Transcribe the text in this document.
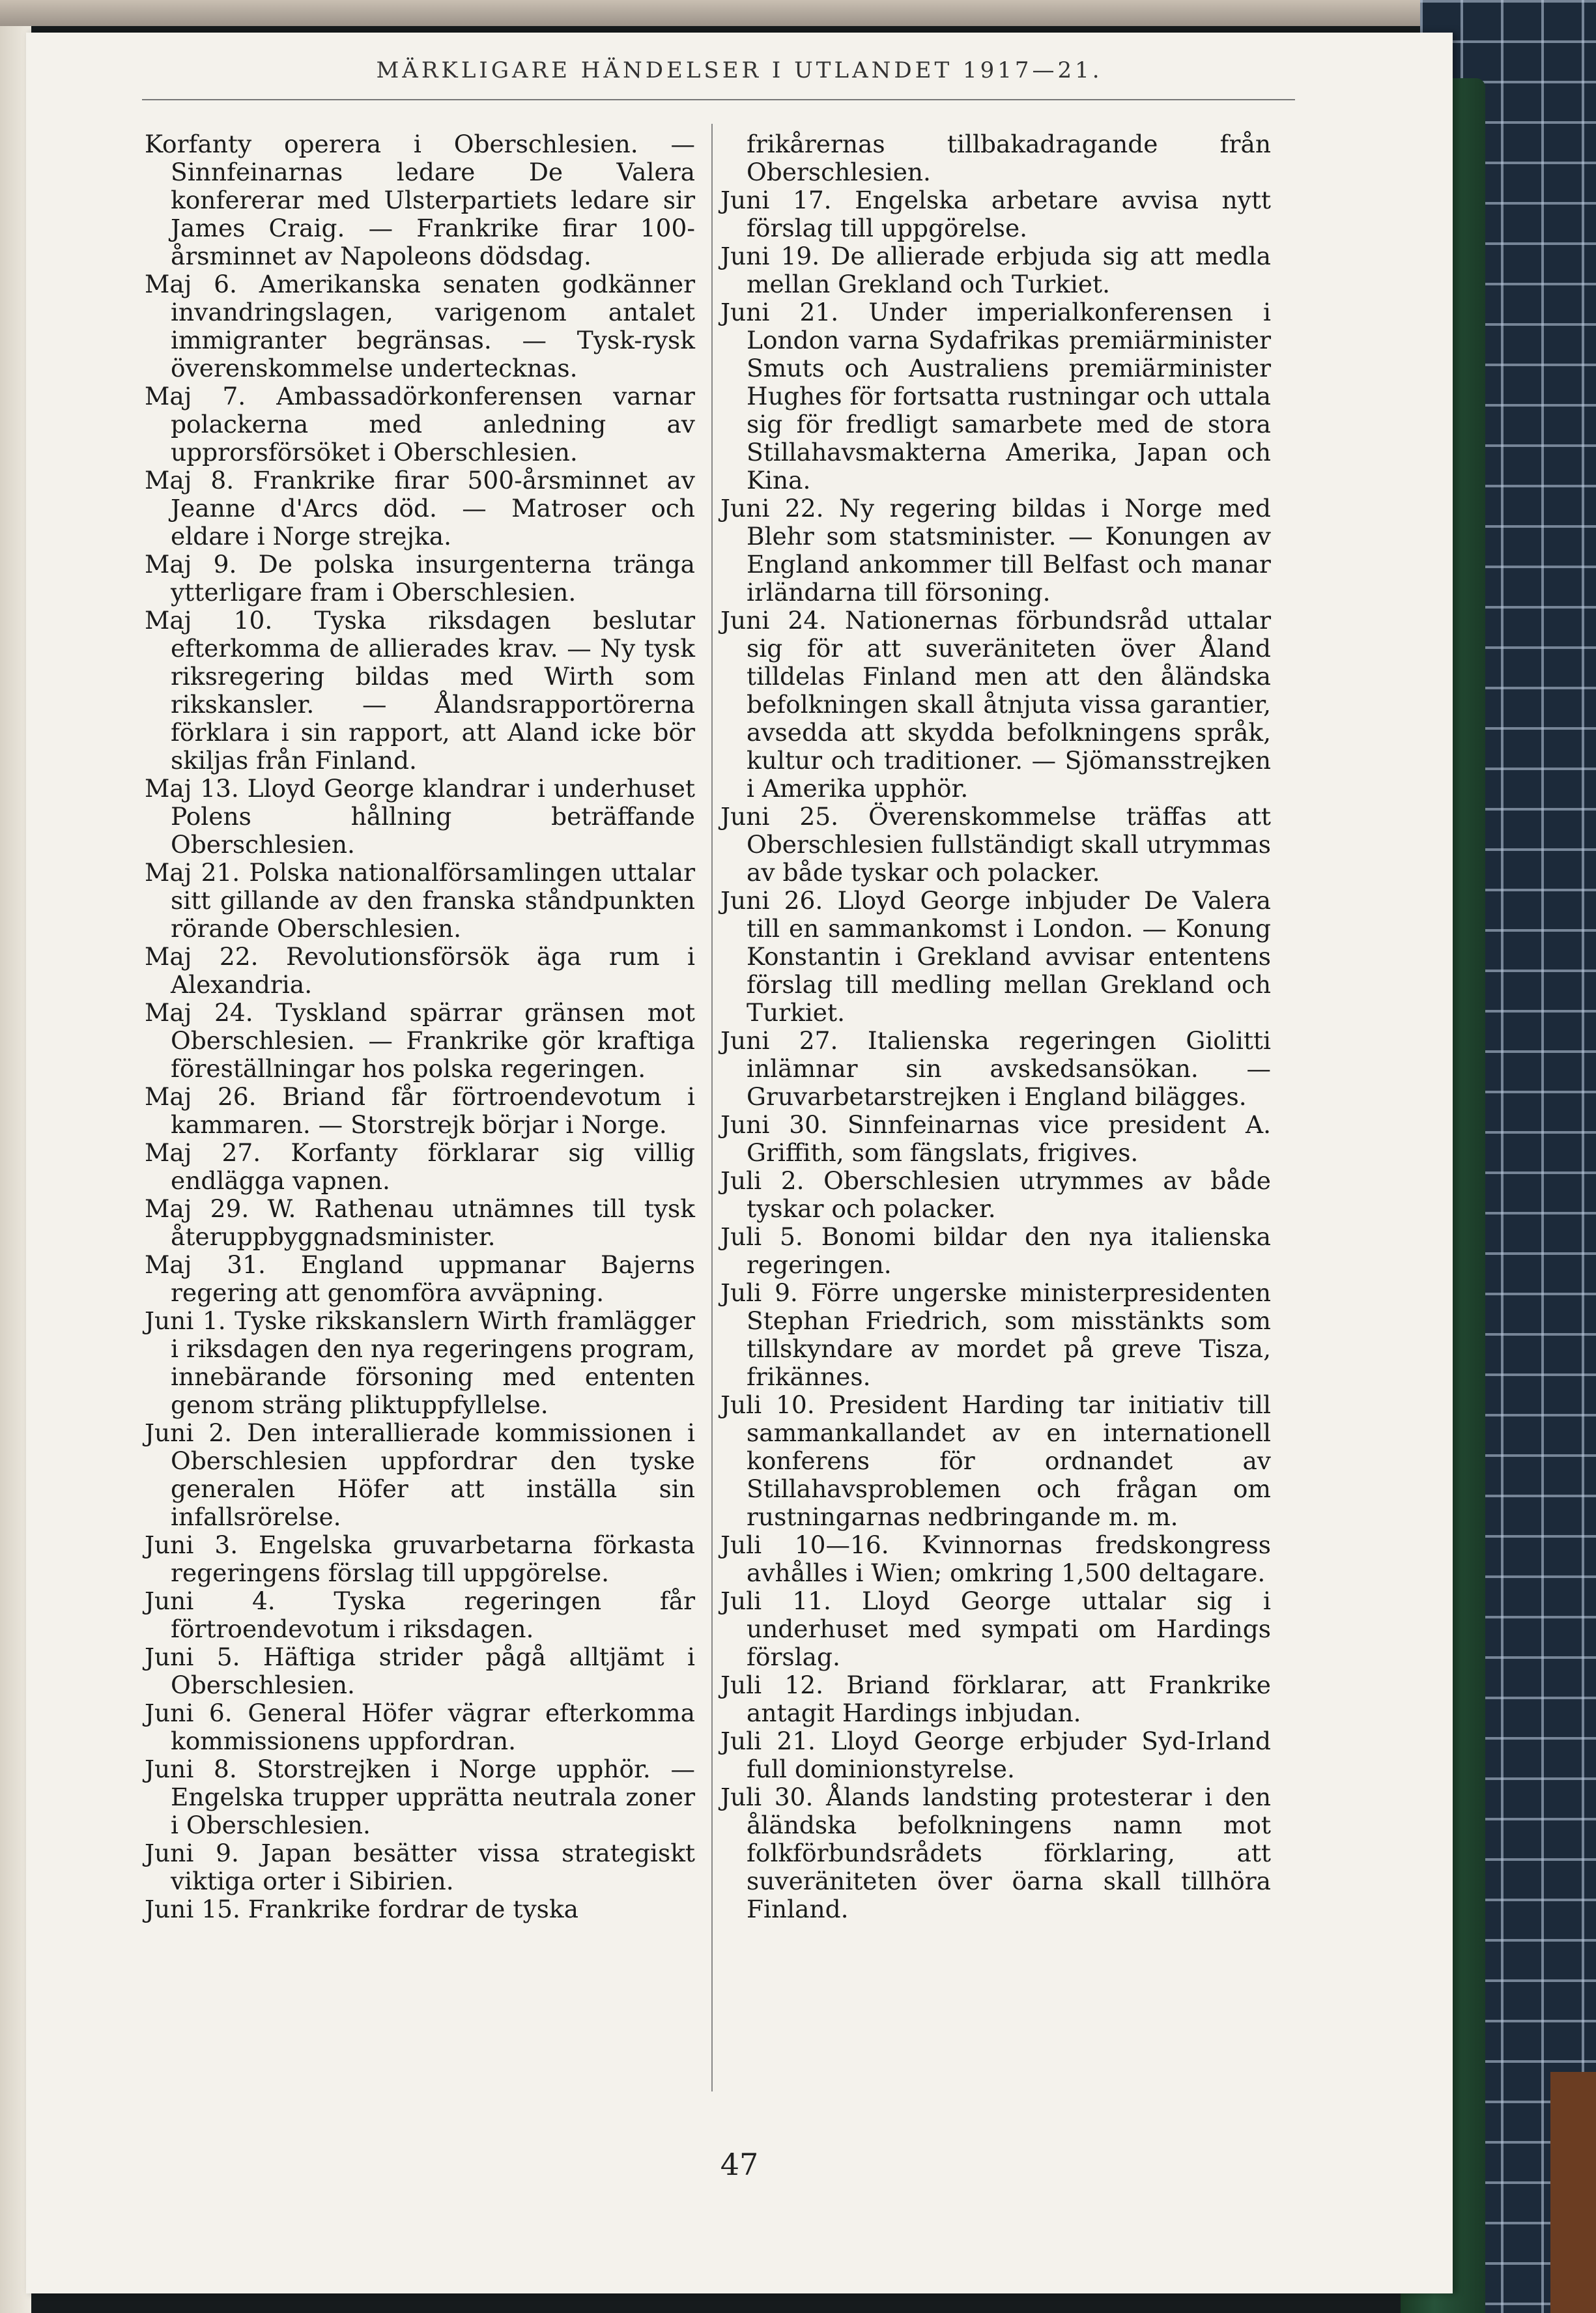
MÄRKLIGARE HÄNDELSER I UTLANDET 1917—21.

Korfanty operera i Oberschlesien. — Sinnfeinarnas ledare De Valera konfererar med Ulsterpartiets ledare sir James Craig. — Frankrike firar 100-årsminnet av Napoleons dödsdag.

Maj 6. Amerikanska senaten godkänner invandringslagen, varigenom antalet immigranter begränsas. — Tysk-rysk överenskommelse undertecknas.

Maj 7. Ambassadörkonferensen varnar polackerna med anledning av upprorsförsöket i Oberschlesien.

Maj 8. Frankrike firar 500-årsminnet av Jeanne d'Arcs död. — Matroser och eldare i Norge strejka.

Maj 9. De polska insurgenterna tränga ytterligare fram i Oberschlesien.

Maj 10. Tyska riksdagen beslutar efterkomma de allierades krav. — Ny tysk riksregering bildas med Wirth som rikskansler. — Ålandsrapportörerna förklara i sin rapport, att Aland icke bör skiljas från Finland.

Maj 13. Lloyd George klandrar i underhuset Polens hållning beträffande Oberschlesien.

Maj 21. Polska nationalförsamlingen uttalar sitt gillande av den franska ståndpunkten rörande Oberschlesien.

Maj 22. Revolutionsförsök äga rum i Alexandria.

Maj 24. Tyskland spärrar gränsen mot Oberschlesien. — Frankrike gör kraftiga föreställningar hos polska regeringen.

Maj 26. Briand får förtroendevotum i kammaren. — Storstrejk börjar i Norge.

Maj 27. Korfanty förklarar sig villig endlägga vapnen.

Maj 29. W. Rathenau utnämnes till tysk återuppbyggnadsminister.

Maj 31. England uppmanar Bajerns regering att genomföra avväpning.

Juni 1. Tyske rikskanslern Wirth framlägger i riksdagen den nya regeringens program, innebärande försoning med ententen genom sträng pliktuppfyllelse.

Juni 2. Den interallierade kommissionen i Oberschlesien uppfordrar den tyske generalen Höfer att inställa sin infallsrörelse.

Juni 3. Engelska gruvarbetarna förkasta regeringens förslag till uppgörelse.

Juni 4. Tyska regeringen får förtroendevotum i riksdagen.

Juni 5. Häftiga strider pågå alltjämt i Oberschlesien.

Juni 6. General Höfer vägrar efterkomma kommissionens uppfordran.

Juni 8. Storstrejken i Norge upphör. — Engelska trupper upprätta neutrala zoner i Oberschlesien.

Juni 9. Japan besätter vissa strategiskt viktiga orter i Sibirien.

Juni 15. Frankrike fordrar de tyska

frikårernas tillbakadragande från Oberschlesien.

Juni 17. Engelska arbetare avvisa nytt förslag till uppgörelse.

Juni 19. De allierade erbjuda sig att medla mellan Grekland och Turkiet.

Juni 21. Under imperialkonferensen i London varna Sydafrikas premiärminister Smuts och Australiens premiärminister Hughes för fortsatta rustningar och uttala sig för fredligt samarbete med de stora Stillahavsmakterna Amerika, Japan och Kina.

Juni 22. Ny regering bildas i Norge med Blehr som statsminister. — Konungen av England ankommer till Belfast och manar irländarna till försoning.

Juni 24. Nationernas förbundsråd uttalar sig för att suveräniteten över Åland tilldelas Finland men att den åländska befolkningen skall åtnjuta vissa garantier, avsedda att skydda befolkningens språk, kultur och traditioner. — Sjömansstrejken i Amerika upphör.

Juni 25. Överenskommelse träffas att Oberschlesien fullständigt skall utrymmas av både tyskar och polacker.

Juni 26. Lloyd George inbjuder De Valera till en sammankomst i London. — Konung Konstantin i Grekland avvisar ententens förslag till medling mellan Grekland och Turkiet.

Juni 27. Italienska regeringen Giolitti inlämnar sin avskedsansökan. — Gruvarbetarstrejken i England bilägges.

Juni 30. Sinnfeinarnas vice president A. Griffith, som fängslats, frigives.

Juli 2. Oberschlesien utrymmes av både tyskar och polacker.

Juli 5. Bonomi bildar den nya italienska regeringen.

Juli 9. Förre ungerske ministerpresidenten Stephan Friedrich, som misstänkts som tillskyndare av mordet på greve Tisza, frikännes.

Juli 10. President Harding tar initiativ till sammankallandet av en internationell konferens för ordnandet av Stillahavsproblemen och frågan om rustningarnas nedbringande m. m.

Juli 10—16. Kvinnornas fredskongress avhålles i Wien; omkring 1,500 deltagare.

Juli 11. Lloyd George uttalar sig i underhuset med sympati om Hardings förslag.

Juli 12. Briand förklarar, att Frankrike antagit Hardings inbjudan.

Juli 21. Lloyd George erbjuder Syd-Irland full dominionstyrelse.

Juli 30. Ålands landsting protesterar i den åländska befolkningens namn mot folkförbundsrådets förklaring, att suveräniteten över öarna skall tillhöra Finland.

47
